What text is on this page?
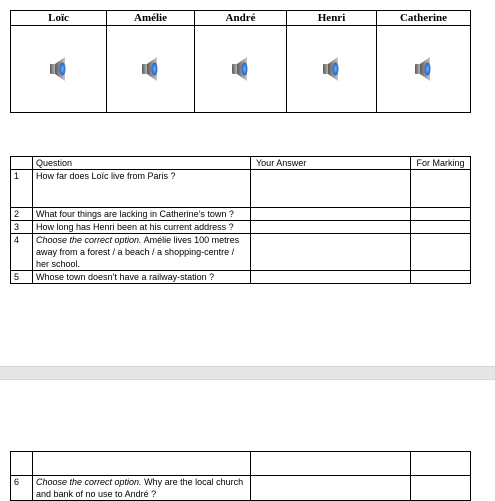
Loïc	Amélie	André	Henri	Catherine
	Question	Your Answer	For Marking
1	How far does Loïc live from Paris ?		
2	What four things are lacking in Catherine’s town ?		
3	How long has Henri been at his current address ?		
4	Choose the correct option. Amélie lives 100 metres away from a forest / a beach / a shopping-centre / her school.		
5	Whose town doesn’t have a railway-station ?		

6	Choose the correct option. Why are the local church and bank of no use to André ?		
